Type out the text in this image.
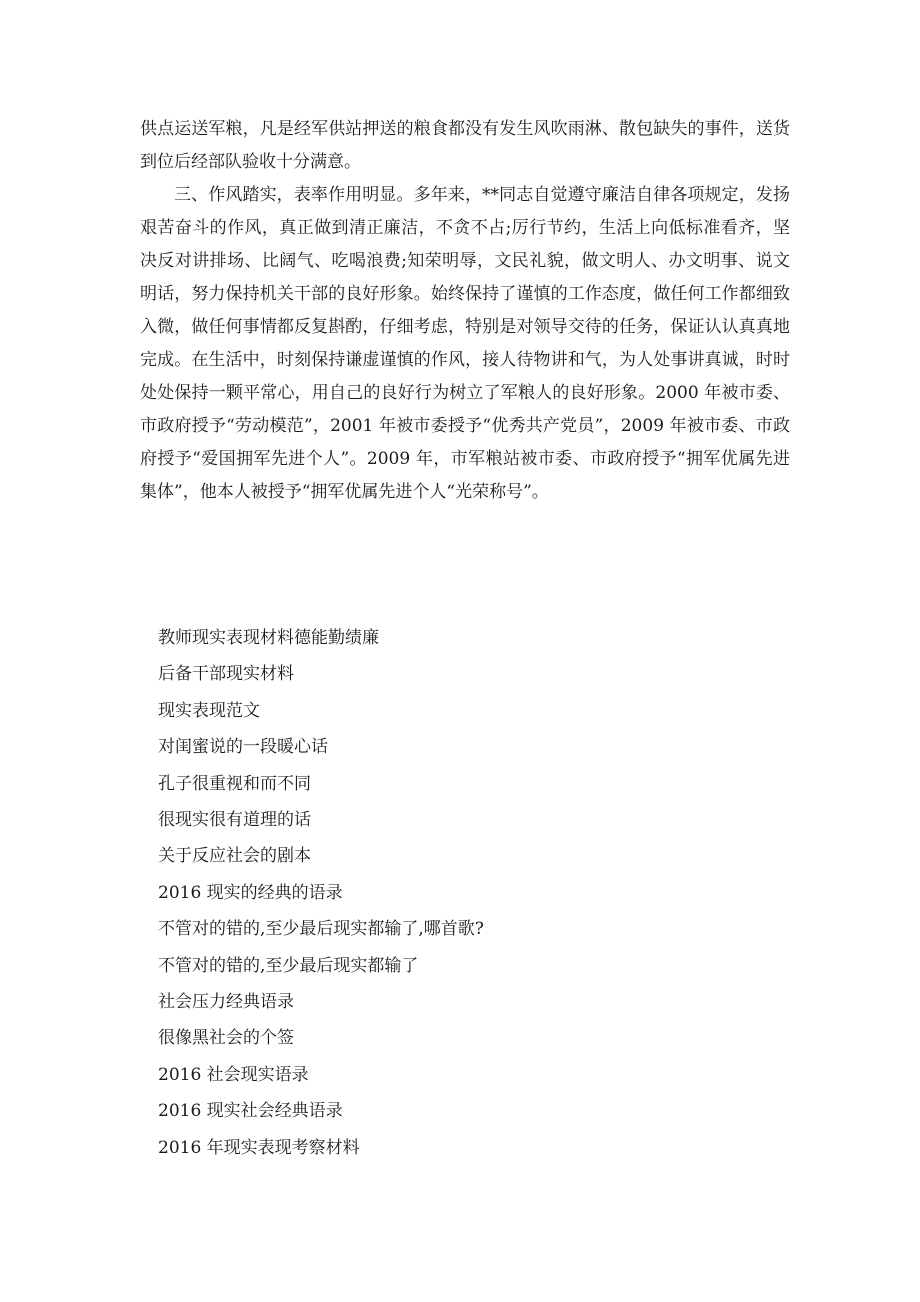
供点运送军粮，凡是经军供站押送的粮食都没有发生风吹雨淋、散包缺失的事件，送货到位后经部队验收十分满意。

三、作风踏实，表率作用明显。多年来，**同志自觉遵守廉洁自律各项规定，发扬艰苦奋斗的作风，真正做到清正廉洁，不贪不占;厉行节约，生活上向低标准看齐，坚决反对讲排场、比阔气、吃喝浪费;知荣明辱，文民礼貌，做文明人、办文明事、说文明话，努力保持机关干部的良好形象。始终保持了谨慎的工作态度，做任何工作都细致入微，做任何事情都反复斟酌，仔细考虑，特别是对领导交待的任务，保证认认真真地完成。在生活中，时刻保持谦虚谨慎的作风，接人待物讲和气，为人处事讲真诚，时时处处保持一颗平常心，用自己的良好行为树立了军粮人的良好形象。2000 年被市委、市政府授予“劳动模范”，2001 年被市委授予“优秀共产党员”，2009 年被市委、市政府授予“爱国拥军先进个人”。2009 年，市军粮站被市委、市政府授予“拥军优属先进集体”，他本人被授予“拥军优属先进个人“光荣称号”。

教师现实表现材料德能勤绩廉
后备干部现实材料
现实表现范文
对闺蜜说的一段暖心话
孔子很重视和而不同
很现实很有道理的话
关于反应社会的剧本
2016 现实的经典的语录
不管对的错的,至少最后现实都输了,哪首歌?
不管对的错的,至少最后现实都输了
社会压力经典语录
很像黑社会的个签
2016 社会现实语录
2016 现实社会经典语录
2016 年现实表现考察材料
